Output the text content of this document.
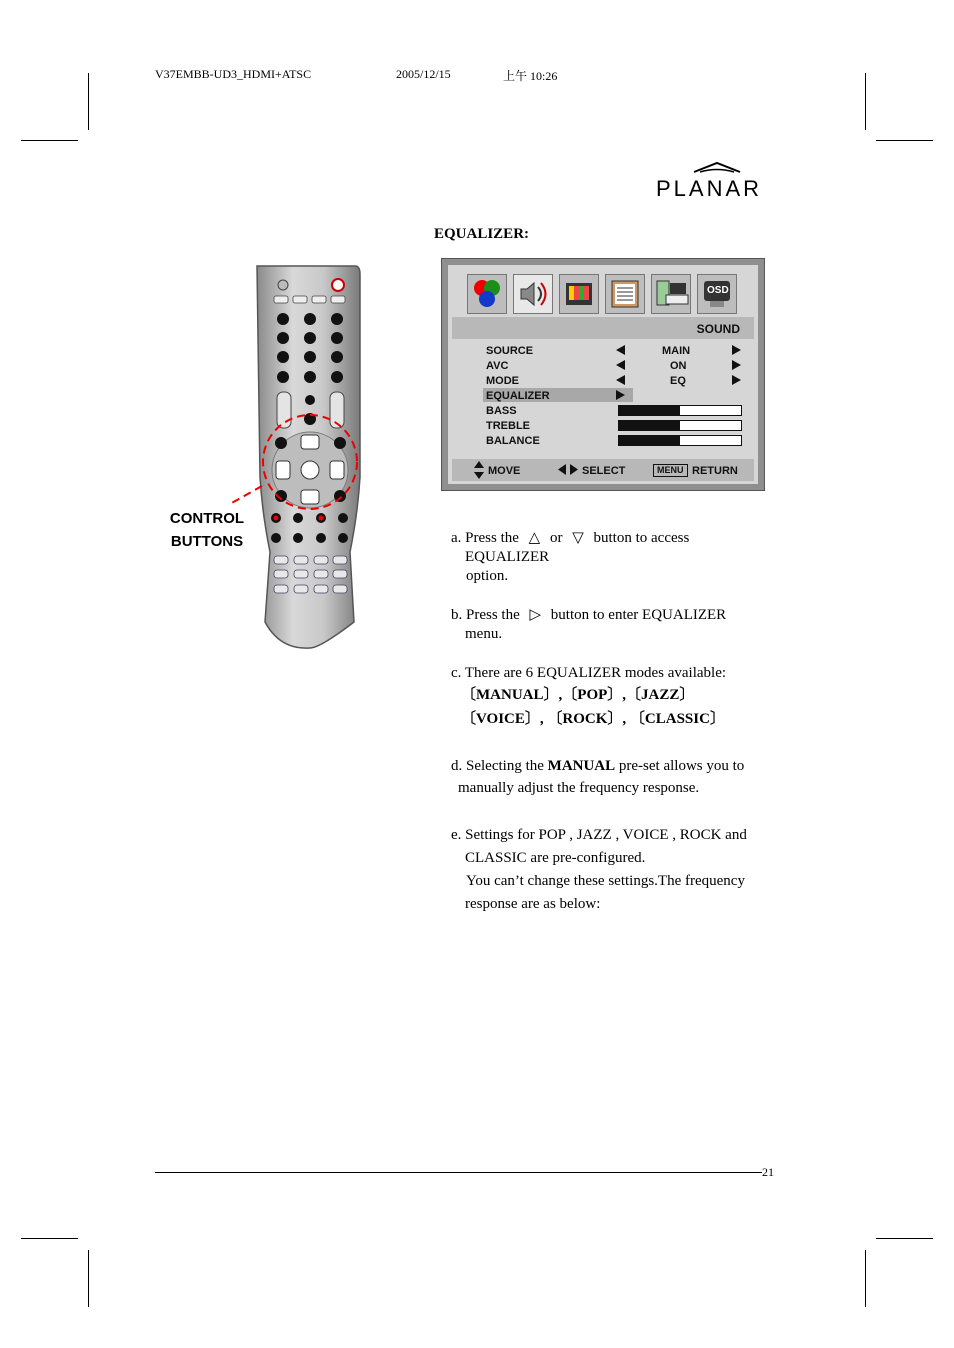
V37EMBB-UD3_HDMI+ATSC	2005/12/15	上午 10:26
PLANAR
EQUALIZER:
CONTROL
BUTTONS
OSD
SOUND
SOURCE	MAIN
AVC	ON
MODE	EQ
EQUALIZER
BASS
TREBLE
BALANCE
MOVE	SELECT	MENU RETURN
a. Press the △ or ▽ button to access
EQUALIZER
option.
b. Press the ▷ button to enter EQUALIZER
menu.
c. There are 6 EQUALIZER modes available:
〔MANUAL〕,〔POP〕,〔JAZZ〕
〔VOICE〕, 〔ROCK〕, 〔CLASSIC〕
d. Selecting the MANUAL pre-set allows you to
manually adjust the frequency response.
e. Settings for POP , JAZZ , VOICE , ROCK and
CLASSIC are pre-configured.
You can’t change these settings.The frequency
response are as below:
21
